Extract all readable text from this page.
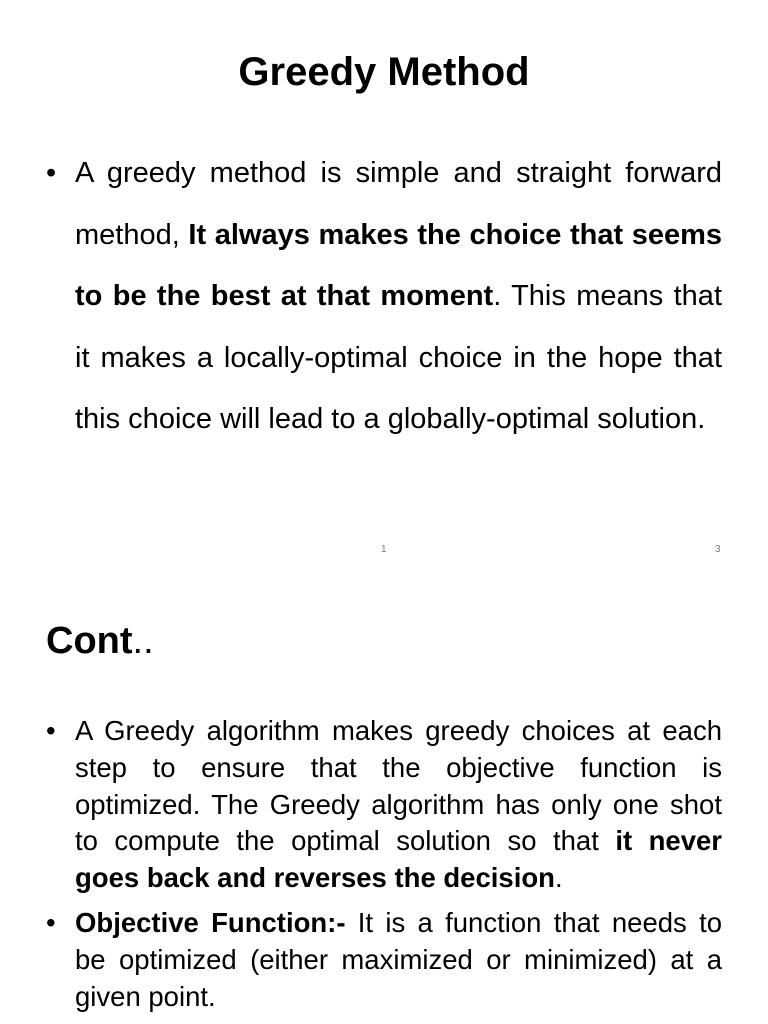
Greedy Method
• A greedy method is simple and straight forward method, It always makes the choice that seems to be the best at that moment. This means that it makes a locally-optimal choice in the hope that this choice will lead to a globally-optimal solution.
1	3
Cont..
• A Greedy algorithm makes greedy choices at each step to ensure that the objective function is optimized. The Greedy algorithm has only one shot to compute the optimal solution so that it never goes back and reverses the decision.
• Objective Function:- It is a function that needs to be optimized (either maximized or minimized) at a given point.
